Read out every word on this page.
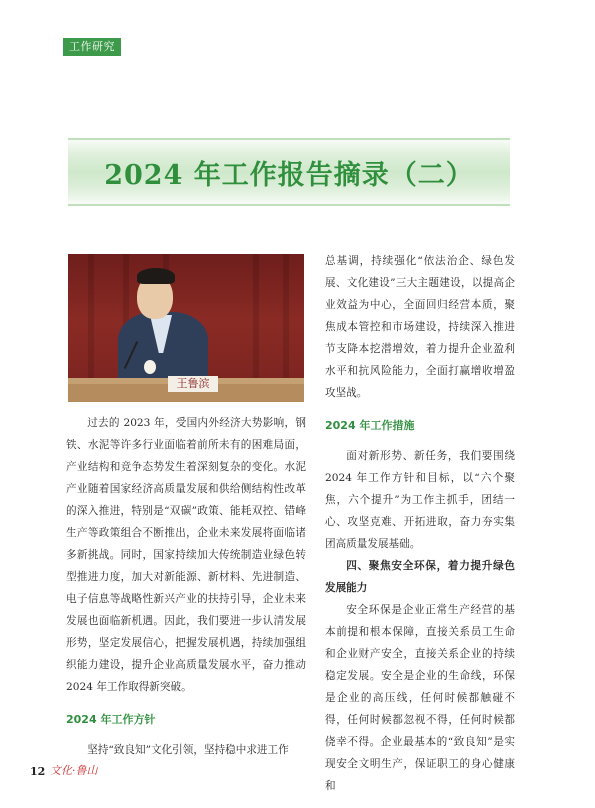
工作研究
2024 年工作报告摘录（二）
王鲁滨

过去的 2023 年，受国内外经济大势影响，钢铁、水泥等许多行业面临着前所未有的困难局面，产业结构和竞争态势发生着深刻复杂的变化。水泥产业随着国家经济高质量发展和供给侧结构性改革的深入推进，特别是“双碳”政策、能耗双控、错峰生产等政策组合不断推出，企业未来发展将面临诸多新挑战。同时，国家持续加大传统制造业绿色转型推进力度，加大对新能源、新材料、先进制造、电子信息等战略性新兴产业的扶持引导，企业未来发展也面临新机遇。因此，我们要进一步认清发展形势，坚定发展信心，把握发展机遇，持续加强组织能力建设，提升企业高质量发展水平，奋力推动 2024 年工作取得新突破。

2024 年工作方针

坚持“致良知”文化引领，坚持稳中求进工作

总基调，持续强化“依法治企、绿色发展、文化建设”三大主题建设，以提高企业效益为中心，全面回归经营本质，聚焦成本管控和市场建设，持续深入推进节支降本挖潜增效，着力提升企业盈利水平和抗风险能力，全面打赢增收增盈攻坚战。

2024 年工作措施

面对新形势、新任务，我们要围绕 2024 年工作方针和目标，以“六个聚焦，六个提升”为工作主抓手，团结一心、攻坚克难、开拓进取，奋力夯实集团高质量发展基础。

四、聚焦安全环保，着力提升绿色发展能力

安全环保是企业正常生产经营的基本前提和根本保障，直接关系员工生命和企业财产安全，直接关系企业的持续稳定发展。安全是企业的生命线，环保是企业的高压线，任何时候都触碰不得，任何时候都忽视不得，任何时候都侥幸不得。企业最基本的“致良知”是实现安全文明生产，保证职工的身心健康和

12 文化·鲁山
